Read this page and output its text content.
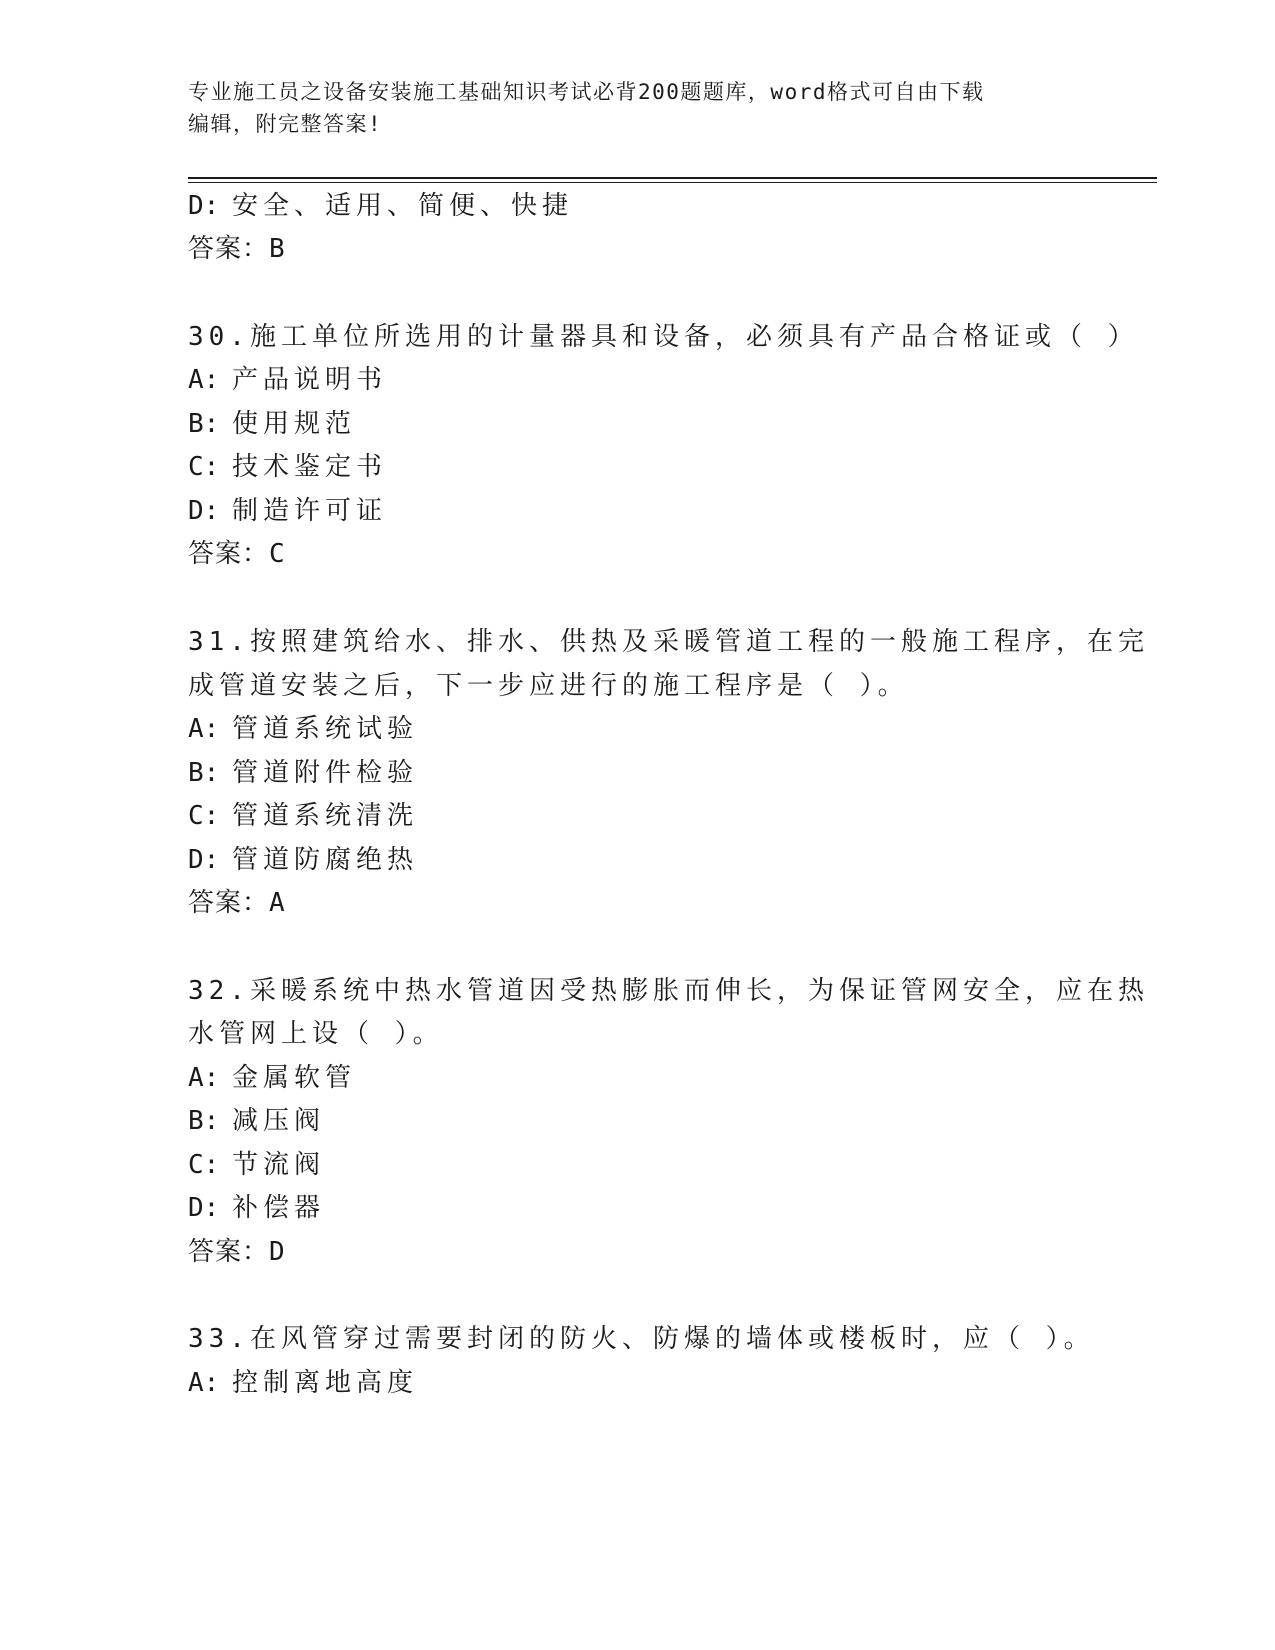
专业施工员之设备安装施工基础知识考试必背200题题库，word格式可自由下载
编辑，附完整答案!
D: 安全、适用、简便、快捷
答案：B
30.施工单位所选用的计量器具和设备，必须具有产品合格证或（ ）
A: 产品说明书
B: 使用规范
C: 技术鉴定书
D: 制造许可证
答案：C
31.按照建筑给水、排水、供热及采暖管道工程的一般施工程序，在完
成管道安装之后，下一步应进行的施工程序是（ ）。
A: 管道系统试验
B: 管道附件检验
C: 管道系统清洗
D: 管道防腐绝热
答案：A
32.采暖系统中热水管道因受热膨胀而伸长，为保证管网安全，应在热
水管网上设（ ）。
A: 金属软管
B: 减压阀
C: 节流阀
D: 补偿器
答案：D
33.在风管穿过需要封闭的防火、防爆的墙体或楼板时，应（ ）。
A: 控制离地高度
